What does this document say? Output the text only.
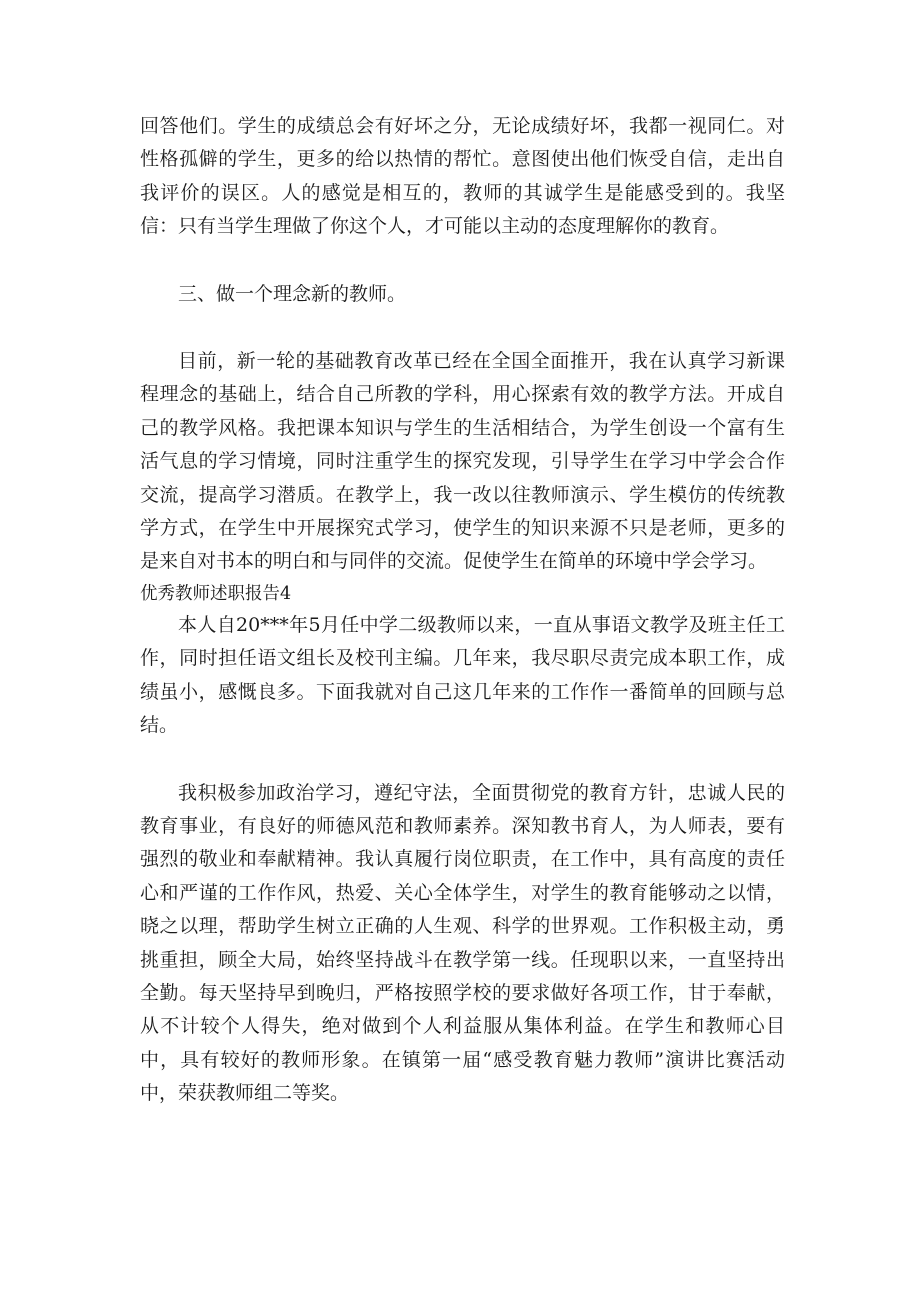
回答他们。学生的成绩总会有好坏之分，无论成绩好坏，我都一视同仁。对性格孤僻的学生，更多的给以热情的帮忙。意图使出他们恢受自信，走出自我评价的误区。人的感觉是相互的，教师的其诚学生是能感受到的。我坚信：只有当学生理做了你这个人，才可能以主动的态度理解你的教育。

三、做一个理念新的教师。

目前，新一轮的基础教育改革已经在全国全面推开，我在认真学习新课程理念的基础上，结合自己所教的学科，用心探索有效的教学方法。开成自己的教学风格。我把课本知识与学生的生活相结合，为学生创设一个富有生活气息的学习情境，同时注重学生的探究发现，引导学生在学习中学会合作交流，提高学习潜质。在教学上，我一改以往教师演示、学生模仿的传统教学方式，在学生中开展探究式学习，使学生的知识来源不只是老师，更多的是来自对书本的明白和与同伴的交流。促使学生在简单的环境中学会学习。

优秀教师述职报告4

本人自20***年5月任中学二级教师以来，一直从事语文教学及班主任工作，同时担任语文组长及校刊主编。几年来，我尽职尽责完成本职工作，成绩虽小，感慨良多。下面我就对自己这几年来的工作作一番简单的回顾与总结。

我积极参加政治学习，遵纪守法，全面贯彻党的教育方针，忠诚人民的教育事业，有良好的师德风范和教师素养。深知教书育人，为人师表，要有强烈的敬业和奉献精神。我认真履行岗位职责，在工作中，具有高度的责任心和严谨的工作作风，热爱、关心全体学生，对学生的教育能够动之以情，晓之以理，帮助学生树立正确的人生观、科学的世界观。工作积极主动，勇挑重担，顾全大局，始终坚持战斗在教学第一线。任现职以来，一直坚持出全勤。每天坚持早到晚归，严格按照学校的要求做好各项工作，甘于奉献，从不计较个人得失，绝对做到个人利益服从集体利益。在学生和教师心目中，具有较好的教师形象。在镇第一届“感受教育魅力教师”演讲比赛活动中，荣获教师组二等奖。
